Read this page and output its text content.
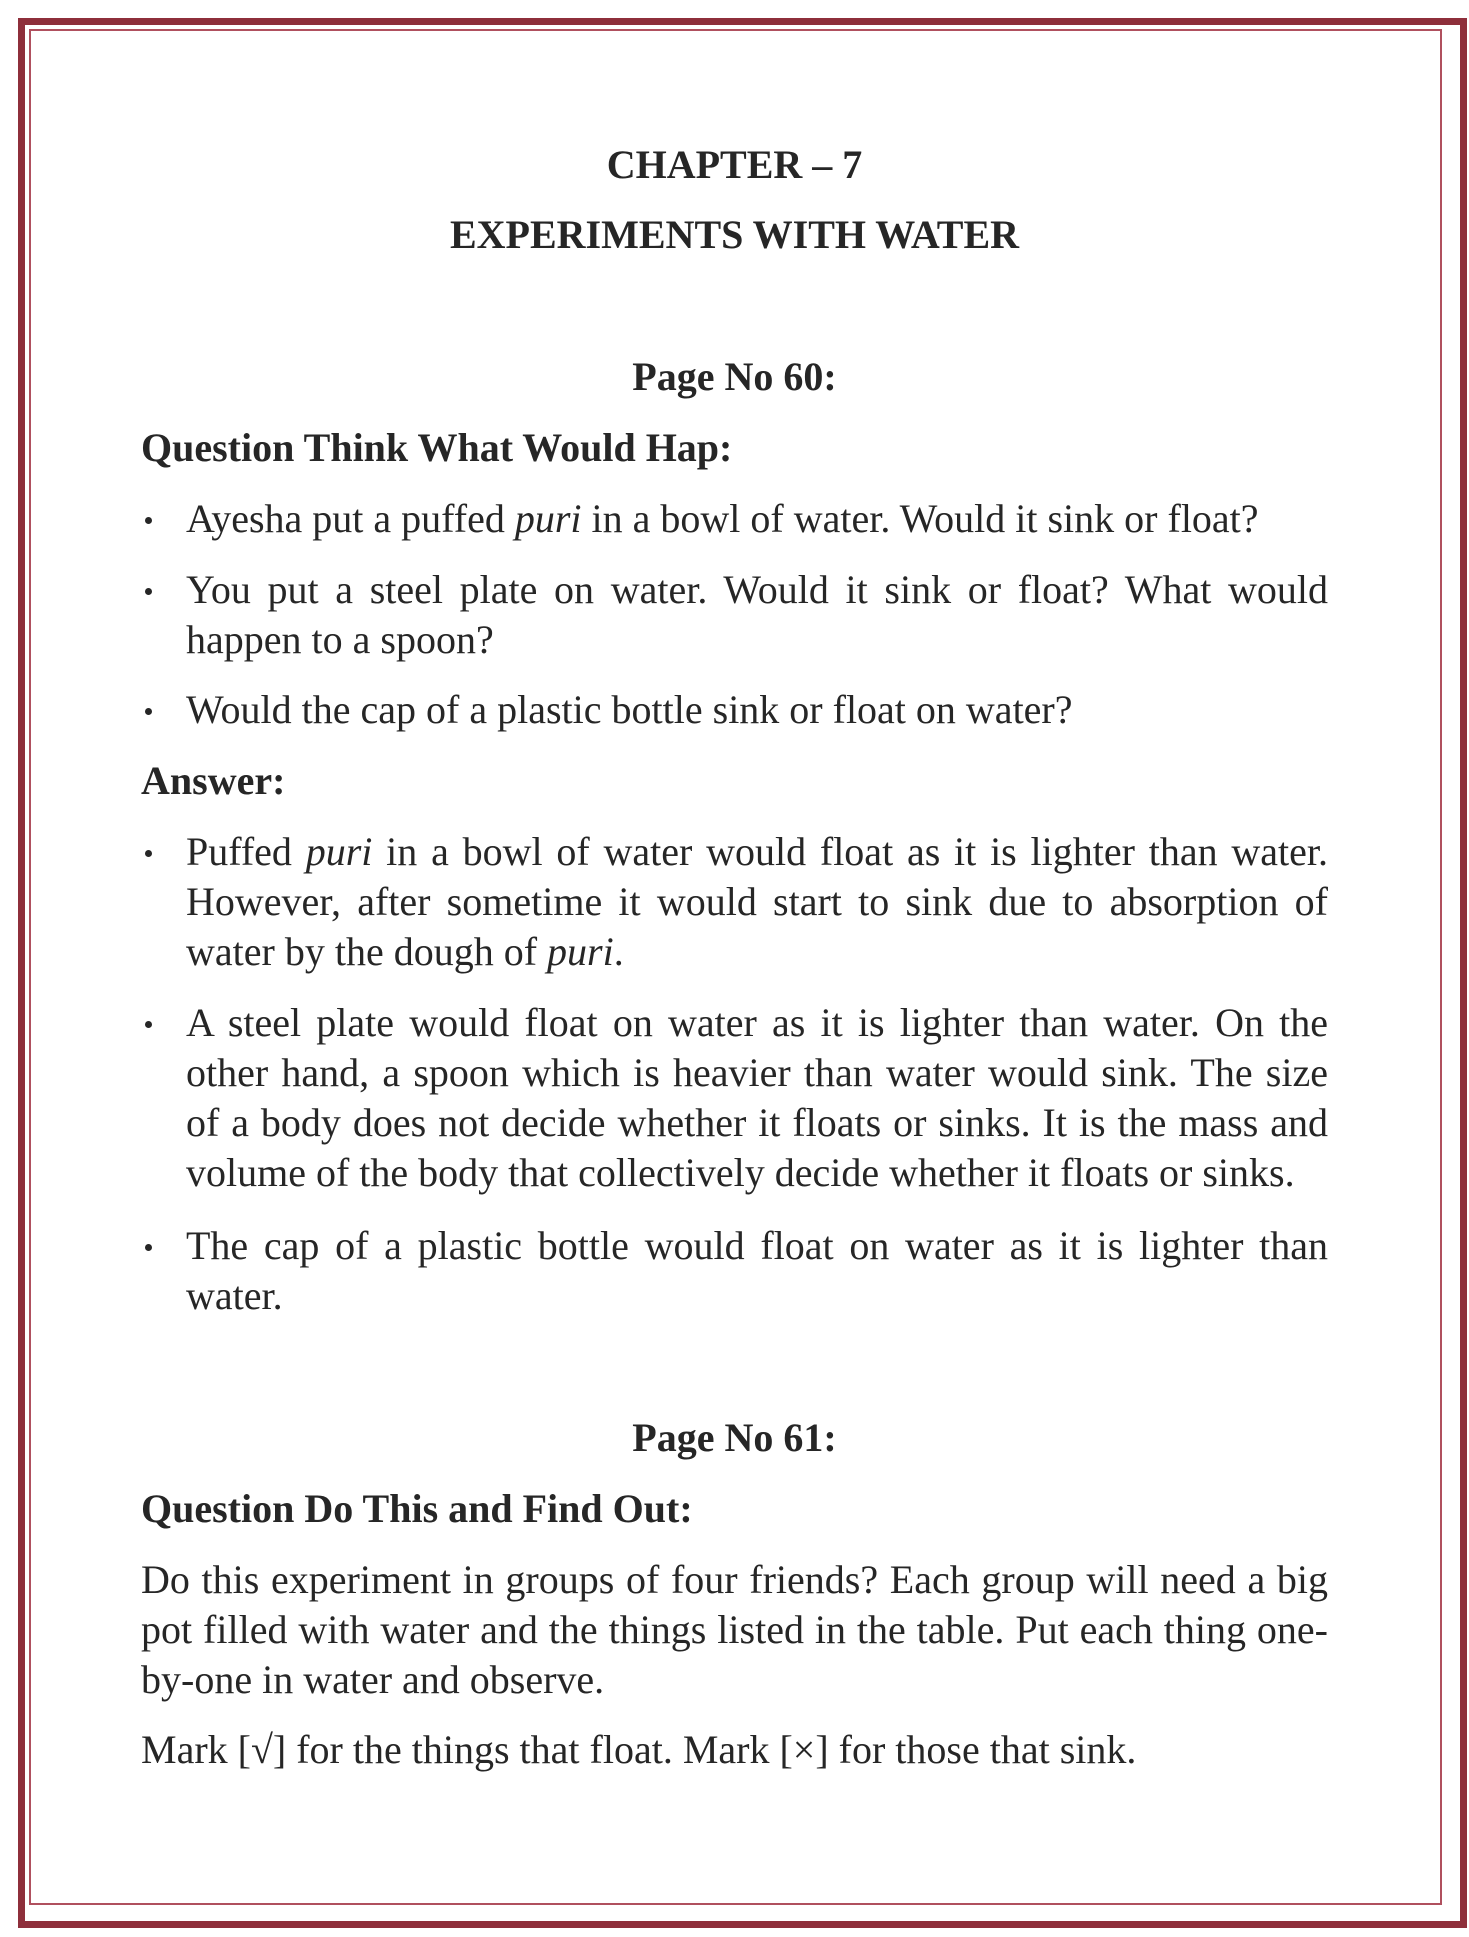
CHAPTER – 7
EXPERIMENTS WITH WATER
Page No 60:
Question Think What Would Hap:
Ayesha put a puffed puri in a bowl of water. Would it sink or float?
You put a steel plate on water. Would it sink or float? What would happen to a spoon?
Would the cap of a plastic bottle sink or float on water?
Answer:
Puffed puri in a bowl of water would float as it is lighter than water. However, after sometime it would start to sink due to absorption of water by the dough of puri.
A steel plate would float on water as it is lighter than water. On the other hand, a spoon which is heavier than water would sink. The size of a body does not decide whether it floats or sinks. It is the mass and volume of the body that collectively decide whether it floats or sinks.
The cap of a plastic bottle would float on water as it is lighter than water.
Page No 61:
Question Do This and Find Out:
Do this experiment in groups of four friends? Each group will need a big pot filled with water and the things listed in the table. Put each thing one-by-one in water and observe.
Mark [√] for the things that float. Mark [×] for those that sink.
